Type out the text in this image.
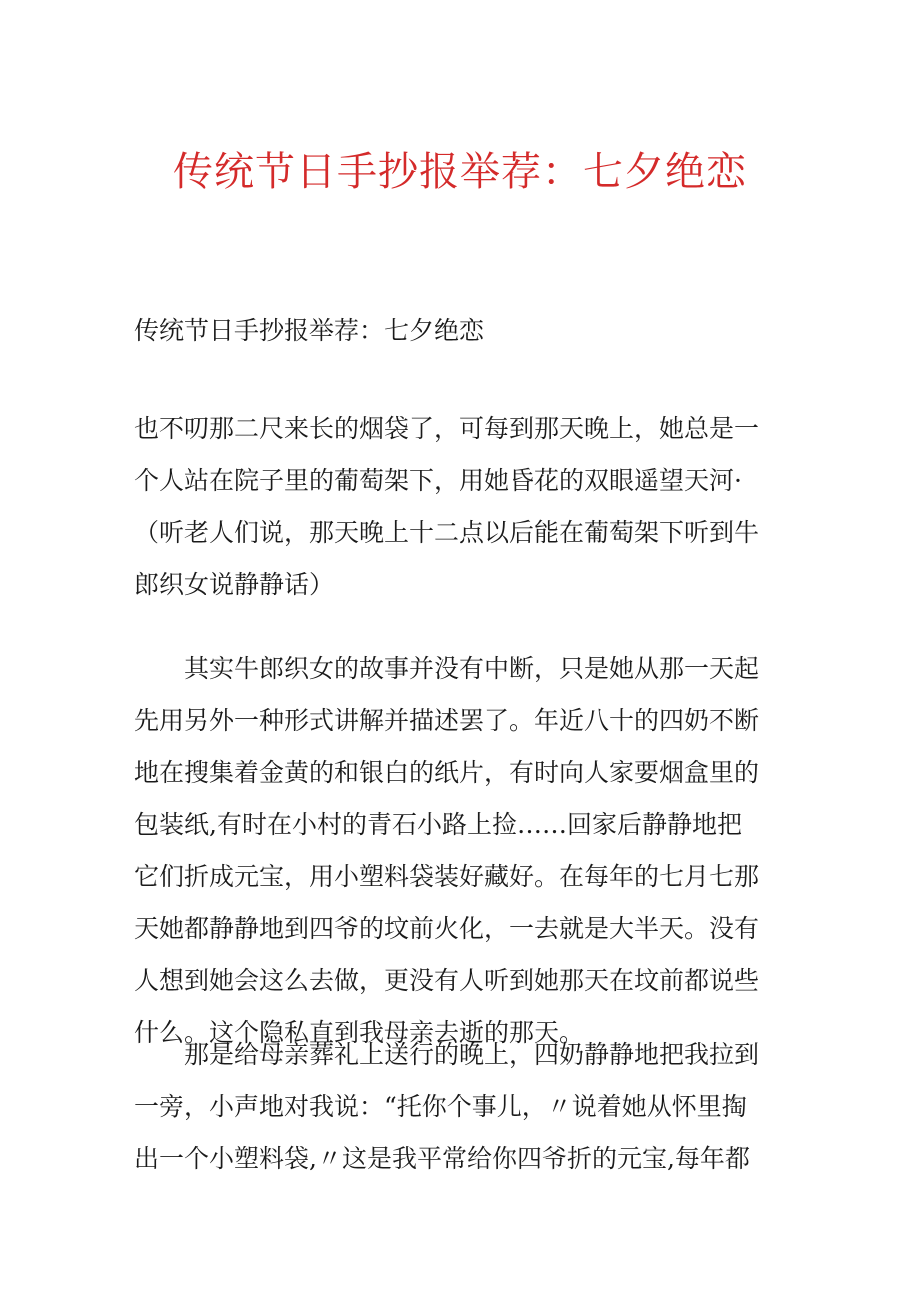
传统节日手抄报举荐：七夕绝恋
传统节日手抄报举荐：七夕绝恋

也不叨那二尺来长的烟袋了，可每到那天晚上，她总是一
个人站在院子里的葡萄架下，用她昏花的双眼遥望天河·
（听老人们说，那天晚上十二点以后能在葡萄架下听到牛
郎织女说静静话）

　　其实牛郎织女的故事并没有中断，只是她从那一天起
先用另外一种形式讲解并描述罢了。年近八十的四奶不断
地在搜集着金黄的和银白的纸片，有时向人家要烟盒里的
包装纸,有时在小村的青石小路上捡……回家后静静地把
它们折成元宝，用小塑料袋装好藏好。在每年的七月七那
天她都静静地到四爷的坟前火化，一去就是大半天。没有
人想到她会这么去做，更没有人听到她那天在坟前都说些
什么。这个隐私直到我母亲去逝的那天。

　　那是给母亲葬礼上送行的晚上，四奶静静地把我拉到
一旁，小声地对我说：“托你个事儿，〃说着她从怀里掏
出一个小塑料袋,〃这是我平常给你四爷折的元宝,每年都
